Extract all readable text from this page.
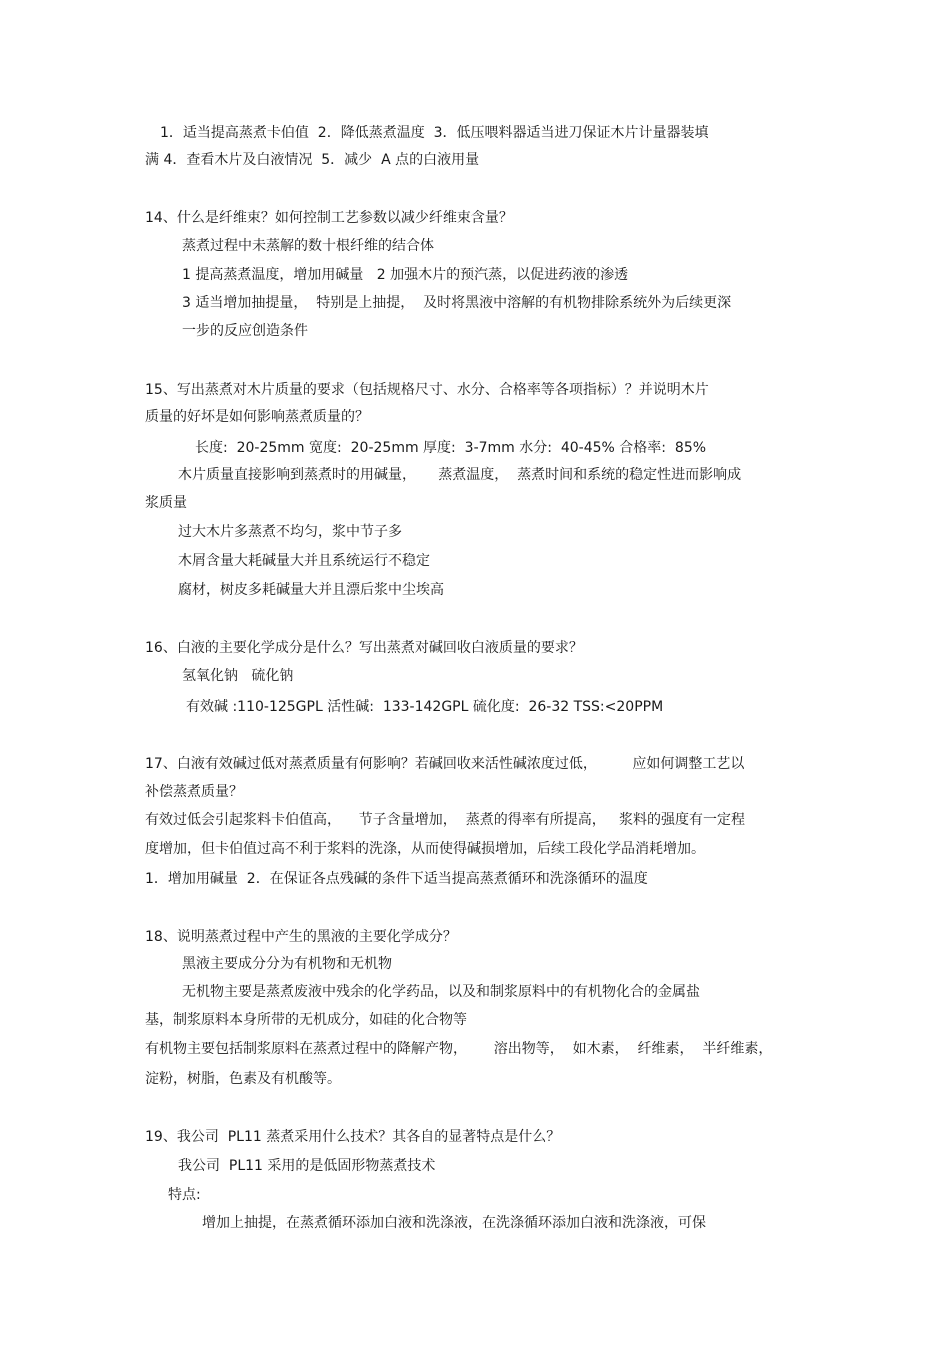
1．适当提高蒸煮卡伯值  2．降低蒸煮温度  3．低压喂料器适当进刀保证木片计量器装填
满 4．查看木片及白液情况  5．减少  A 点的白液用量
14、什么是纤维束？如何控制工艺参数以减少纤维束含量？
蒸煮过程中未蒸解的数十根纤维的结合体
1 提高蒸煮温度，增加用碱量   2 加强木片的预汽蒸，以促进药液的渗透
3 适当增加抽提量，  特别是上抽提，  及时将黑液中溶解的有机物排除系统外为后续更深
一步的反应创造条件
15、写出蒸煮对木片质量的要求（包括规格尺寸、水分、合格率等各项指标）？并说明木片
质量的好坏是如何影响蒸煮质量的？
长度:  20-25mm 宽度:  20-25mm 厚度:  3-7mm 水分:  40-45% 合格率:  85%
木片质量直接影响到蒸煮时的用碱量，     蒸煮温度，  蒸煮时间和系统的稳定性进而影响成
浆质量
过大木片多蒸煮不均匀，浆中节子多
木屑含量大耗碱量大并且系统运行不稳定
腐材，树皮多耗碱量大并且漂后浆中尘埃高
16、白液的主要化学成分是什么？写出蒸煮对碱回收白液质量的要求？
氢氧化钠   硫化钠
有效碱 :110-125GPL 活性碱:  133-142GPL 硫化度:  26-32 TSS:<20PPM
17、白液有效碱过低对蒸煮质量有何影响？若碱回收来活性碱浓度过低，        应如何调整工艺以
补偿蒸煮质量？
有效过低会引起浆料卡伯值高，    节子含量增加，  蒸煮的得率有所提高，   浆料的强度有一定程
度增加，但卡伯值过高不利于浆料的洗涤，从而使得碱损增加，后续工段化学品消耗增加。
1．增加用碱量  2．在保证各点残碱的条件下适当提高蒸煮循环和洗涤循环的温度
18、说明蒸煮过程中产生的黑液的主要化学成分？
黑液主要成分分为有机物和无机物
无机物主要是蒸煮废液中残余的化学药品，以及和制浆原料中的有机物化合的金属盐
基，制浆原料本身所带的无机成分，如硅的化合物等
有机物主要包括制浆原料在蒸煮过程中的降解产物，      溶出物等，  如木素，  纤维素，  半纤维素，
淀粉，树脂，色素及有机酸等。
19、我公司  PL11 蒸煮采用什么技术？其各自的显著特点是什么？
我公司  PL11 采用的是低固形物蒸煮技术
特点:
增加上抽提，在蒸煮循环添加白液和洗涤液，在洗涤循环添加白液和洗涤液，可保
